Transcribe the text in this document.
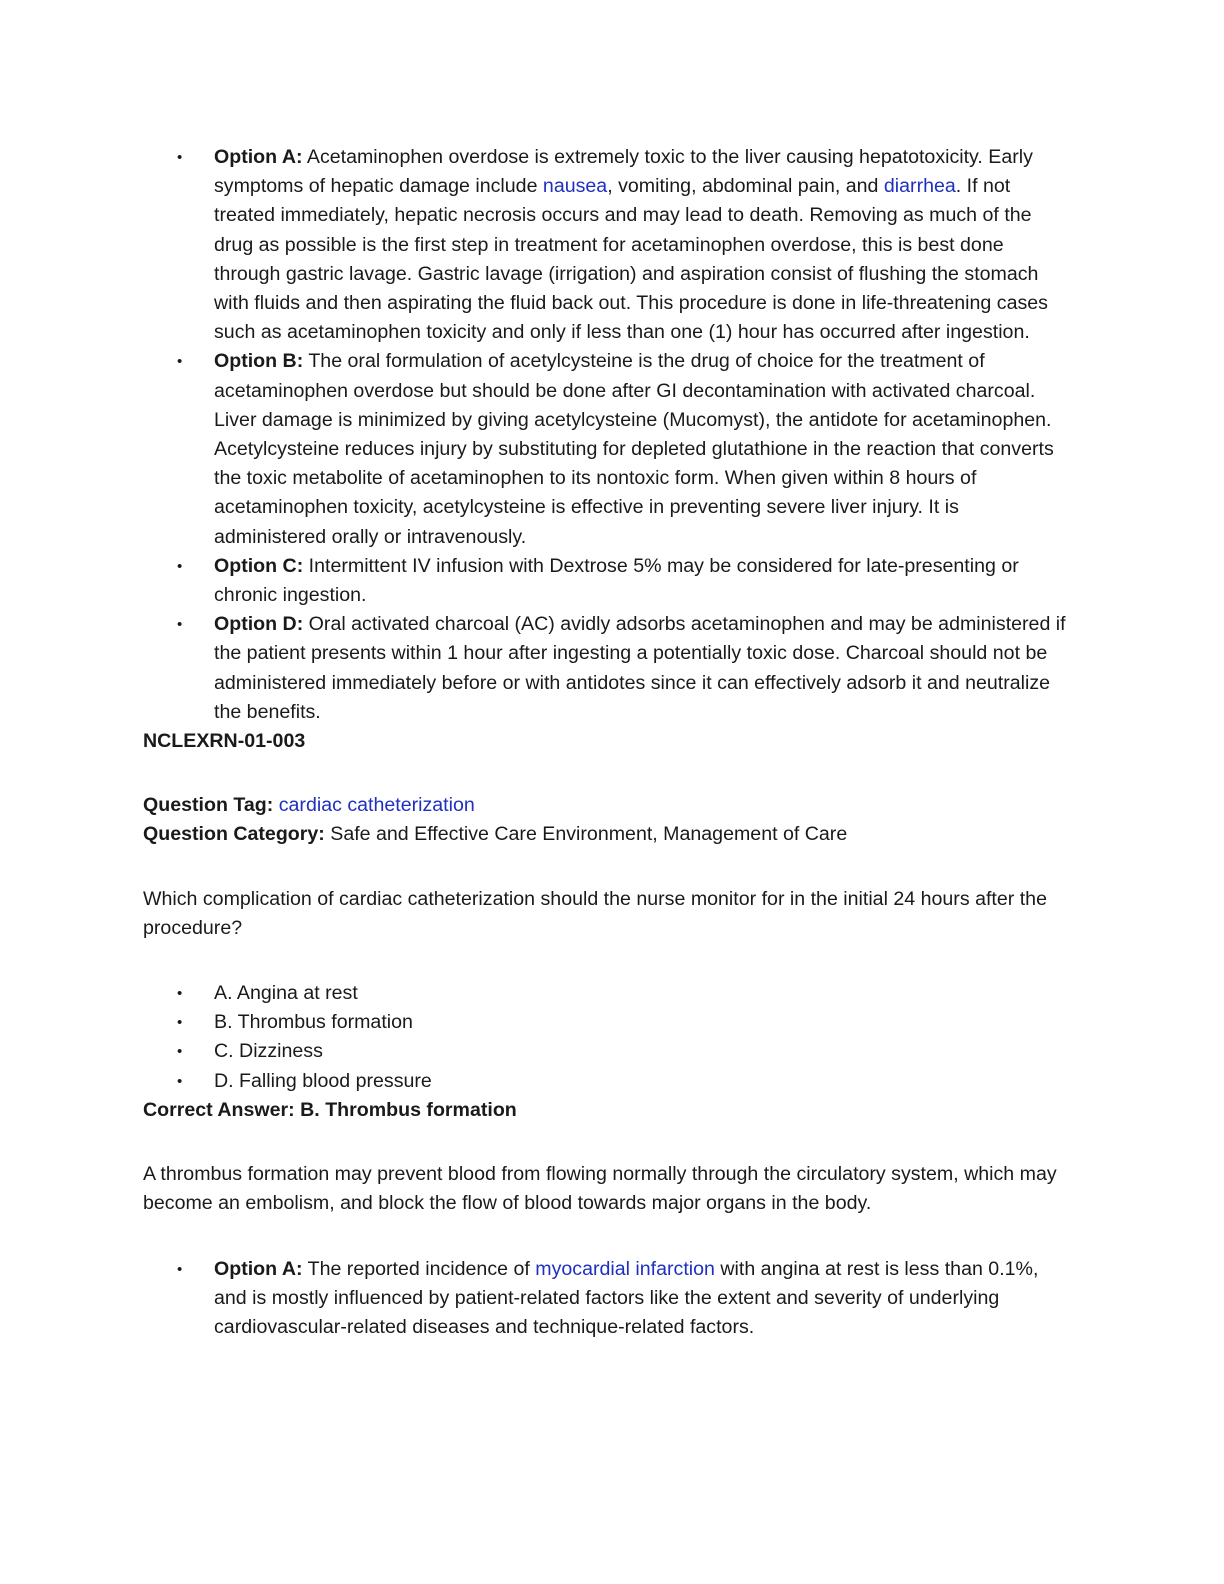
• Option A: Acetaminophen overdose is extremely toxic to the liver causing hepatotoxicity. Early symptoms of hepatic damage include nausea, vomiting, abdominal pain, and diarrhea. If not treated immediately, hepatic necrosis occurs and may lead to death. Removing as much of the drug as possible is the first step in treatment for acetaminophen overdose, this is best done through gastric lavage. Gastric lavage (irrigation) and aspiration consist of flushing the stomach with fluids and then aspirating the fluid back out. This procedure is done in life-threatening cases such as acetaminophen toxicity and only if less than one (1) hour has occurred after ingestion.
• Option B: The oral formulation of acetylcysteine is the drug of choice for the treatment of acetaminophen overdose but should be done after GI decontamination with activated charcoal. Liver damage is minimized by giving acetylcysteine (Mucomyst), the antidote for acetaminophen. Acetylcysteine reduces injury by substituting for depleted glutathione in the reaction that converts the toxic metabolite of acetaminophen to its nontoxic form. When given within 8 hours of acetaminophen toxicity, acetylcysteine is effective in preventing severe liver injury. It is administered orally or intravenously.
• Option C: Intermittent IV infusion with Dextrose 5% may be considered for late-presenting or chronic ingestion.
• Option D: Oral activated charcoal (AC) avidly adsorbs acetaminophen and may be administered if the patient presents within 1 hour after ingesting a potentially toxic dose. Charcoal should not be administered immediately before or with antidotes since it can effectively adsorb it and neutralize the benefits.

NCLEXRN-01-003

Question Tag: cardiac catheterization

Question Category: Safe and Effective Care Environment, Management of Care

Which complication of cardiac catheterization should the nurse monitor for in the initial 24 hours after the procedure?

• A. Angina at rest
• B. Thrombus formation
• C. Dizziness
• D. Falling blood pressure

Correct Answer: B. Thrombus formation

A thrombus formation may prevent blood from flowing normally through the circulatory system, which may become an embolism, and block the flow of blood towards major organs in the body.

• Option A: The reported incidence of myocardial infarction with angina at rest is less than 0.1%, and is mostly influenced by patient-related factors like the extent and severity of underlying cardiovascular-related diseases and technique-related factors.
